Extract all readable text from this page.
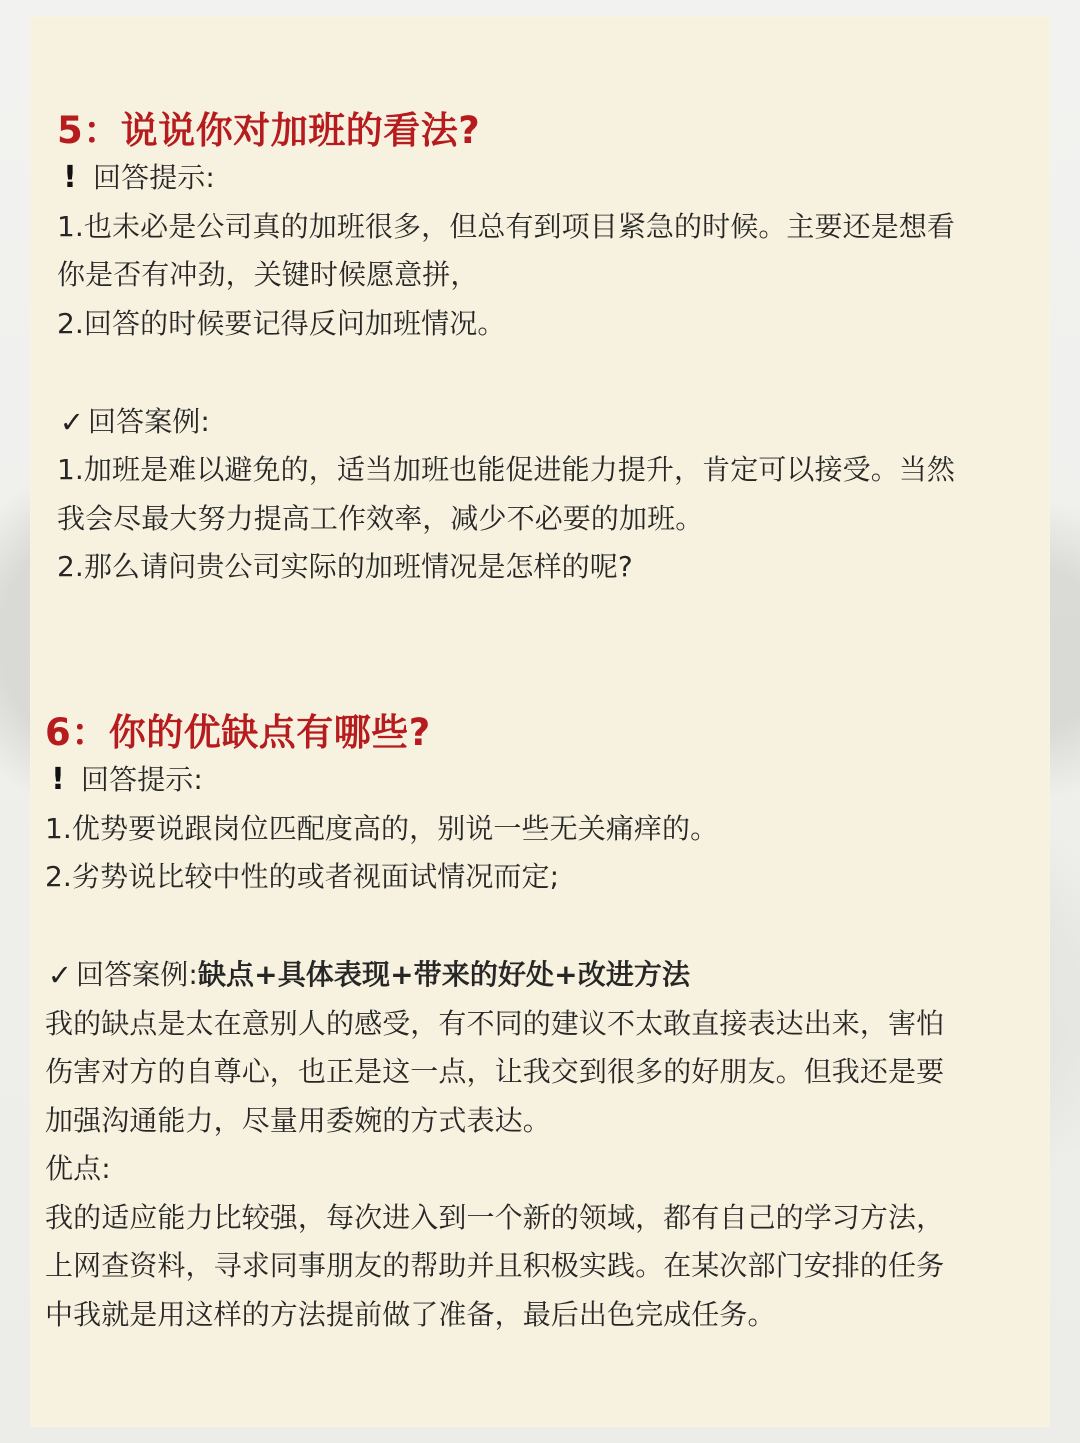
5：说说你对加班的看法?

! 回答提示:

1.也未必是公司真的加班很多，但总有到项目紧急的时候。主要还是想看

你是否有冲劲，关键时候愿意拼，

2.回答的时候要记得反问加班情况。

✓ 回答案例:

1.加班是难以避免的，适当加班也能促进能力提升，肯定可以接受。当然

我会尽最大努力提高工作效率，减少不必要的加班。

2.那么请问贵公司实际的加班情况是怎样的呢?

6：你的优缺点有哪些?

! 回答提示:

1.优势要说跟岗位匹配度高的，别说一些无关痛痒的。

2.劣势说比较中性的或者视面试情况而定;

✓ 回答案例:缺点+具体表现+带来的好处+改进方法

我的缺点是太在意别人的感受，有不同的建议不太敢直接表达出来，害怕

伤害对方的自尊心，也正是这一点，让我交到很多的好朋友。但我还是要

加强沟通能力，尽量用委婉的方式表达。

优点:

我的适应能力比较强，每次进入到一个新的领域，都有自己的学习方法，

上网查资料，寻求同事朋友的帮助并且积极实践。在某次部门安排的任务

中我就是用这样的方法提前做了准备，最后出色完成任务。
